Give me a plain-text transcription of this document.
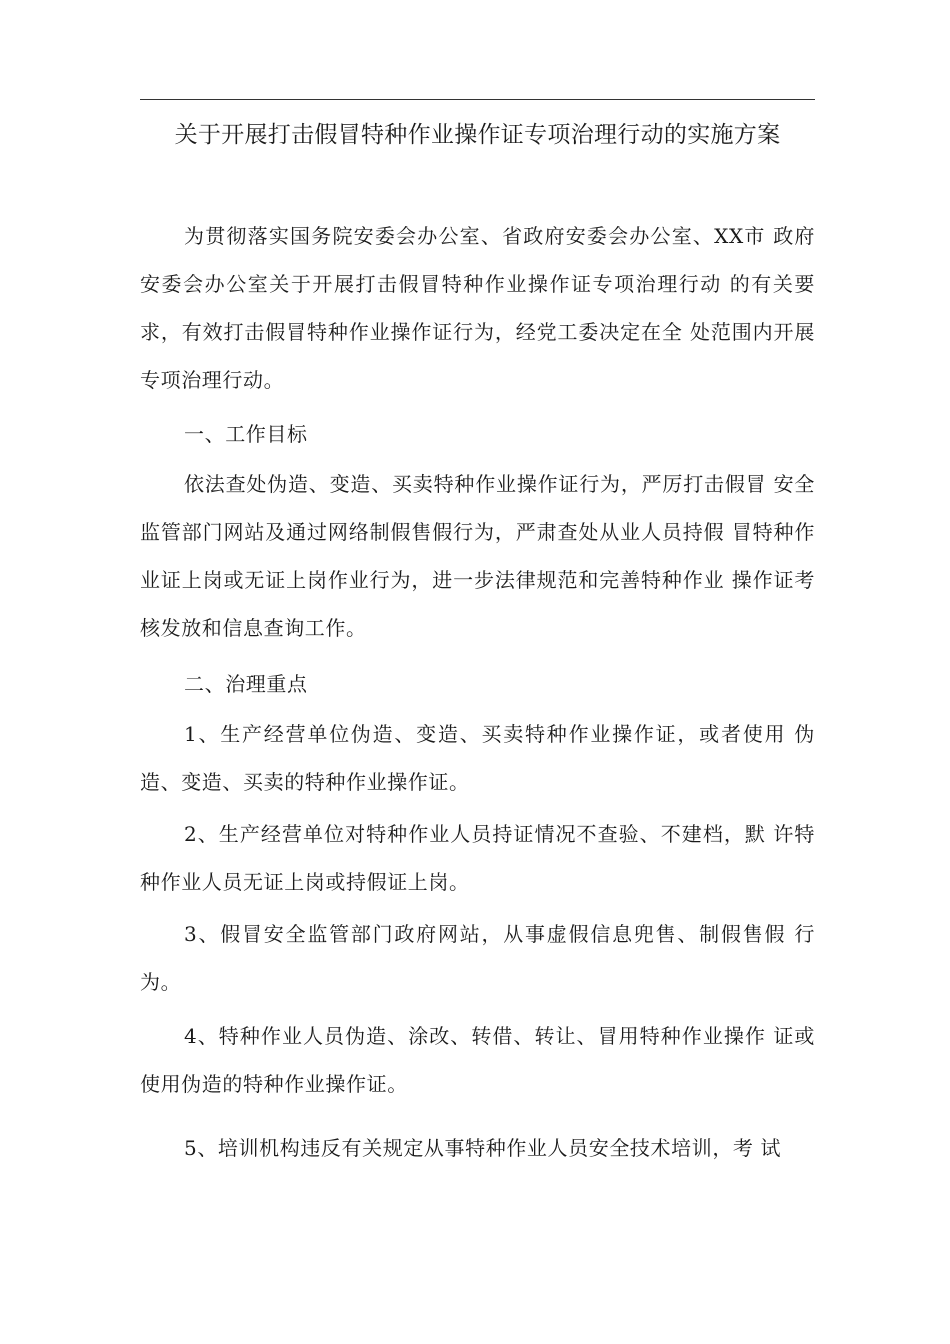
关于开展打击假冒特种作业操作证专项治理行动的实施方案
为贯彻落实国务院安委会办公室、省政府安委会办公室、XX市 政府安委会办公室关于开展打击假冒特种作业操作证专项治理行动 的有关要求，有效打击假冒特种作业操作证行为，经党工委决定在全 处范围内开展专项治理行动。
一、工作目标
依法查处伪造、变造、买卖特种作业操作证行为，严厉打击假冒 安全监管部门网站及通过网络制假售假行为，严肃查处从业人员持假 冒特种作业证上岗或无证上岗作业行为，进一步法律规范和完善特种作业 操作证考核发放和信息查询工作。
二、治理重点
1、生产经营单位伪造、变造、买卖特种作业操作证，或者使用 伪造、变造、买卖的特种作业操作证。
2、生产经营单位对特种作业人员持证情况不查验、不建档，默 许特种作业人员无证上岗或持假证上岗。
3、假冒安全监管部门政府网站，从事虚假信息兜售、制假售假 行为。
4、特种作业人员伪造、涂改、转借、转让、冒用特种作业操作 证或使用伪造的特种作业操作证。
5、培训机构违反有关规定从事特种作业人员安全技术培训，考 试
